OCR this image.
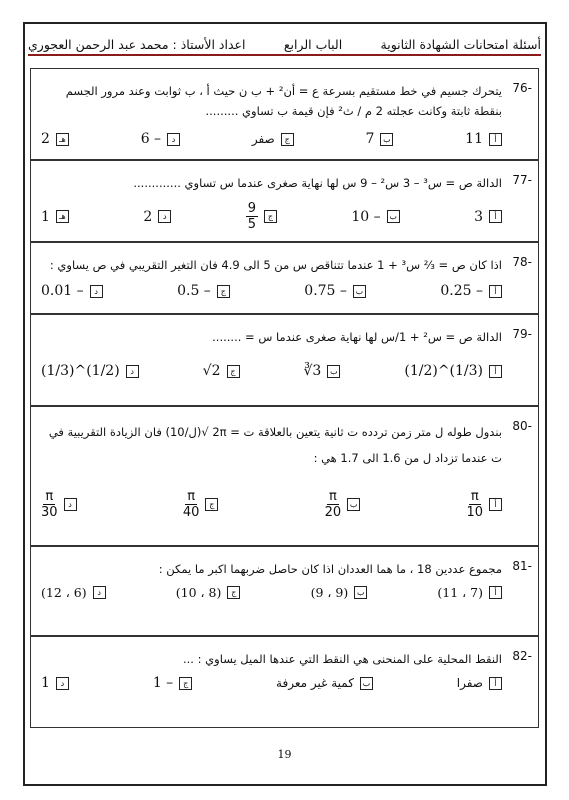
أسئلة امتحانات الشهادة الثانوية
الباب الرابع
اعداد الأستاذ : محمد عبد الرحمن العجوري
-76
يتحرك جسيم في خط مستقيم بسرعة ع = أن² + ب ن حيث أ ، ب ثوابت وعند مرور الجسم بنقطة ثابتة وكانت عجلته 2 م / ث² فإن قيمة ب تساوي .........
أ
11
ب
7
ج
صفر
د
6 –
هـ
2
-77
الدالة ص = س³ – 3 س² – 9 س لها نهاية صغرى عندما س تساوي .............
أ
3
ب
10 –
ج
$\frac{9}{5}$
د
2
هـ
1
-78
اذا كان ص = ⅔ س³ + 1 عندما تتناقص س من 5 الى 4.9 فان التغير التقريبي في ص يساوي :
أ
0.25 –
ب
0.75 –
ج
0.5 –
د
0.01 –
-79
الدالة ص = س² + 1/س لها نهاية صغرى عندما س = ........
أ
(1/2)^(1/3)
ب
∛3
ج
√2
د
(1/3)^(1/2)
-80
بندول طوله ل متر زمن تردده ت ثانية يتعين بالعلاقة ت = 2π √(ل/10) فان الزيادة التقريبية في ت عندما تزداد ل من 1.6 الى 1.7 هي :
أ
$\frac{\pi}{10}$
ب
$\frac{\pi}{20}$
ج
$\frac{\pi}{40}$
د
$\frac{\pi}{30}$
-81
مجموع عددين 18 ، ما هما العددان اذا كان حاصل ضربهما اكبر ما يمكن :
أ
(11 ، 7)
ب
(9 ، 9)
ج
(10 ، 8)
د
(12 ، 6)
-82
النقط المحلية على المنحنى هي النقط التي عندها الميل يساوي : ...
أ
صفرا
ب
كمية غير معرفة
ج
1 –
د
1
19
